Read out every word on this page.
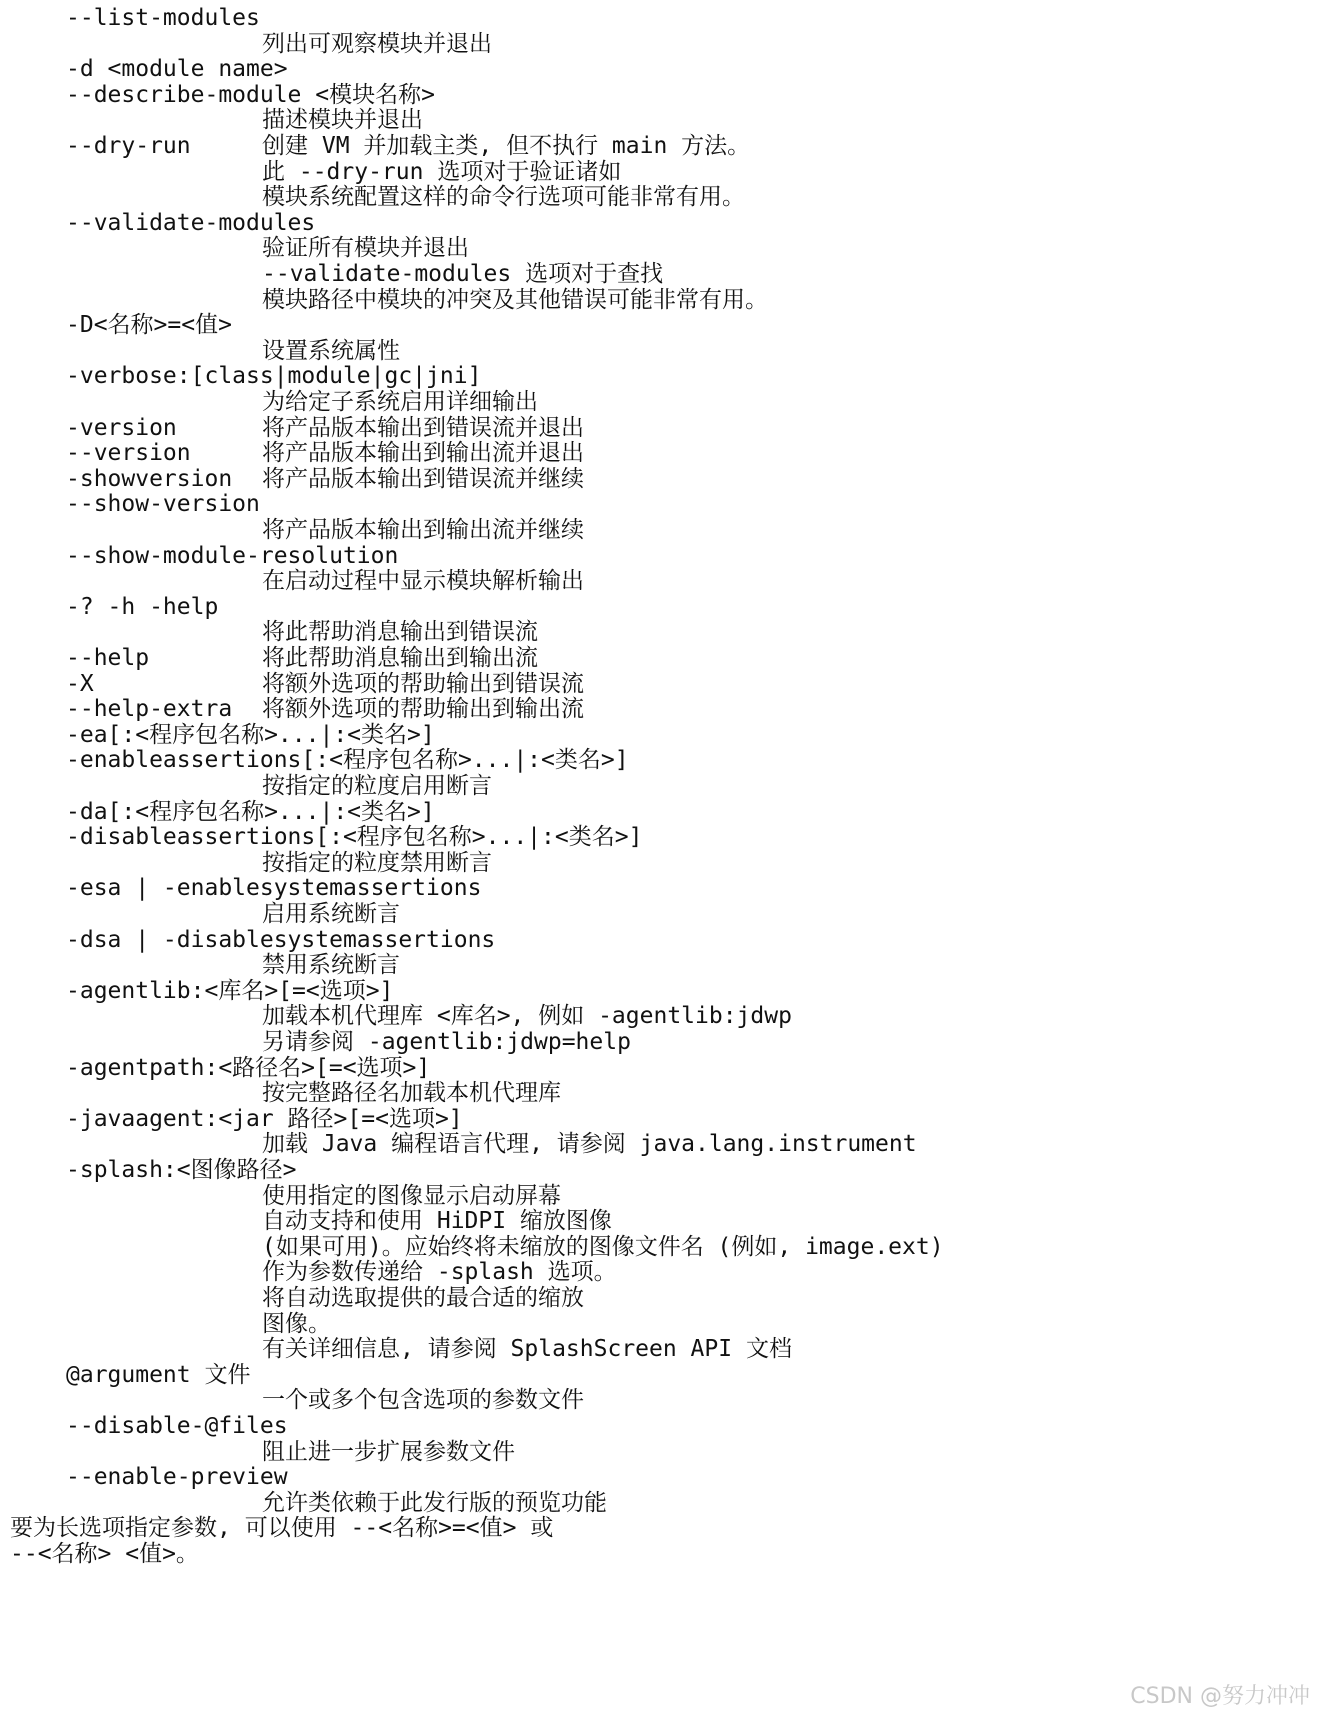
--list-modules
列出可观察模块并退出
-d <module name>
--describe-module <模块名称>
描述模块并退出
--dry-run	创建 VM 并加载主类, 但不执行 main 方法。
此 --dry-run 选项对于验证诸如
模块系统配置这样的命令行选项可能非常有用。
--validate-modules
验证所有模块并退出
--validate-modules 选项对于查找
模块路径中模块的冲突及其他错误可能非常有用。
-D<名称>=<值>
设置系统属性
-verbose:[class|module|gc|jni]
为给定子系统启用详细输出
-version	将产品版本输出到错误流并退出
--version	将产品版本输出到输出流并退出
-showversion 将产品版本输出到错误流并继续
--show-version
将产品版本输出到输出流并继续
--show-module-resolution
在启动过程中显示模块解析输出
-? -h -help
将此帮助消息输出到错误流
--help	将此帮助消息输出到输出流
-X	将额外选项的帮助输出到错误流
--help-extra 将额外选项的帮助输出到输出流
-ea[:<程序包名称>...|:<类名>]
-enableassertions[:<程序包名称>...|:<类名>]
按指定的粒度启用断言
-da[:<程序包名称>...|:<类名>]
-disableassertions[:<程序包名称>...|:<类名>]
按指定的粒度禁用断言
-esa | -enablesystemassertions
启用系统断言
-dsa | -disablesystemassertions
禁用系统断言
-agentlib:<库名>[=<选项>]
加载本机代理库 <库名>, 例如 -agentlib:jdwp
另请参阅 -agentlib:jdwp=help
-agentpath:<路径名>[=<选项>]
按完整路径名加载本机代理库
-javaagent:<jar 路径>[=<选项>]
加载 Java 编程语言代理, 请参阅 java.lang.instrument
-splash:<图像路径>
使用指定的图像显示启动屏幕
自动支持和使用 HiDPI 缩放图像
(如果可用)。应始终将未缩放的图像文件名 (例如, image.ext)
作为参数传递给 -splash 选项。
将自动选取提供的最合适的缩放
图像。
有关详细信息, 请参阅 SplashScreen API 文档
@argument 文件
一个或多个包含选项的参数文件
--disable-@files
阻止进一步扩展参数文件
--enable-preview
允许类依赖于此发行版的预览功能
要为长选项指定参数, 可以使用 --<名称>=<值> 或
--<名称> <值>。
CSDN @努力冲冲
